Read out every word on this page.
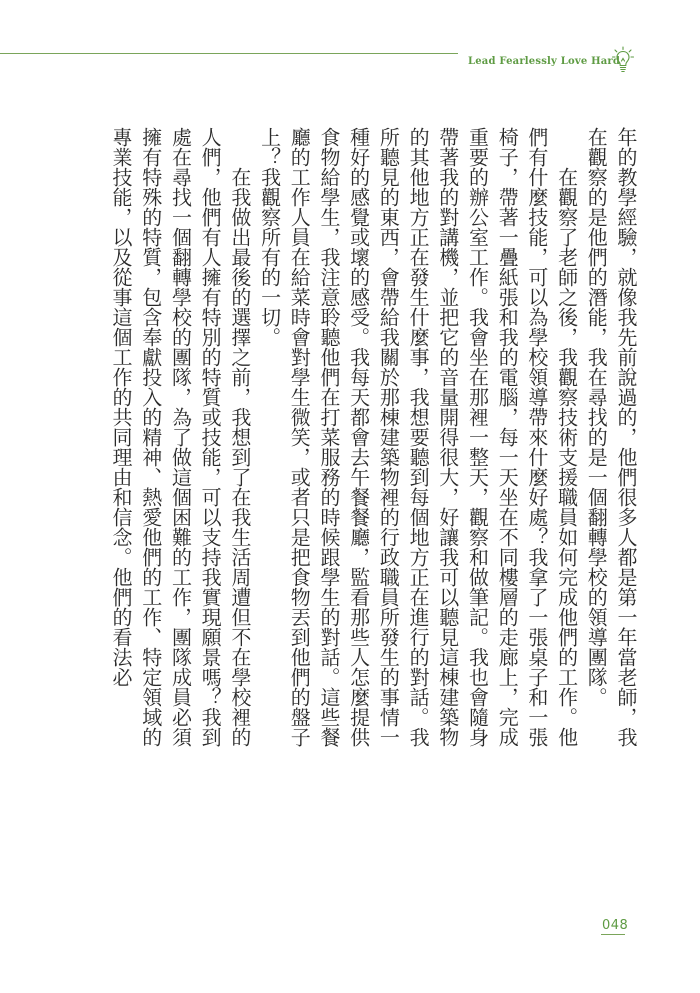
Lead Fearlessly Love Hard

年的教學經驗，就像我先前說過的，他們很多人都是第一年當老師，我在觀察的是他們的潛能，我在尋找的是一個翻轉學校的領導團隊。

在觀察了老師之後，我觀察技術支援職員如何完成他們的工作。他們有什麼技能，可以為學校領導帶來什麼好處？我拿了一張桌子和一張椅子，帶著一疊紙張和我的電腦，每一天坐在不同樓層的走廊上，完成重要的辦公室工作。我會坐在那裡一整天，觀察和做筆記。我也會隨身帶著我的對講機，並把它的音量開得很大，好讓我可以聽見這棟建築物的其他地方正在發生什麼事，我想要聽到每個地方正在進行的對話。我所聽見的東西，會帶給我關於那棟建築物裡的行政職員所發生的事情一種好的感覺或壞的感受。我每天都會去午餐餐廳，監看那些人怎麼提供食物給學生，我注意聆聽他們在打菜服務的時候跟學生的對話。這些餐廳的工作人員在給菜時會對學生微笑，或者只是把食物丟到他們的盤子上？我觀察所有的一切。

在我做出最後的選擇之前，我想到了在我生活周遭但不在學校裡的人們，他們有人擁有特別的特質或技能，可以支持我實現願景嗎？我到處在尋找一個翻轉學校的團隊，為了做這個困難的工作，團隊成員必須擁有特殊的特質，包含奉獻投入的精神、熱愛他們的工作、特定領域的專業技能，以及從事這個工作的共同理由和信念。他們的看法必

048
